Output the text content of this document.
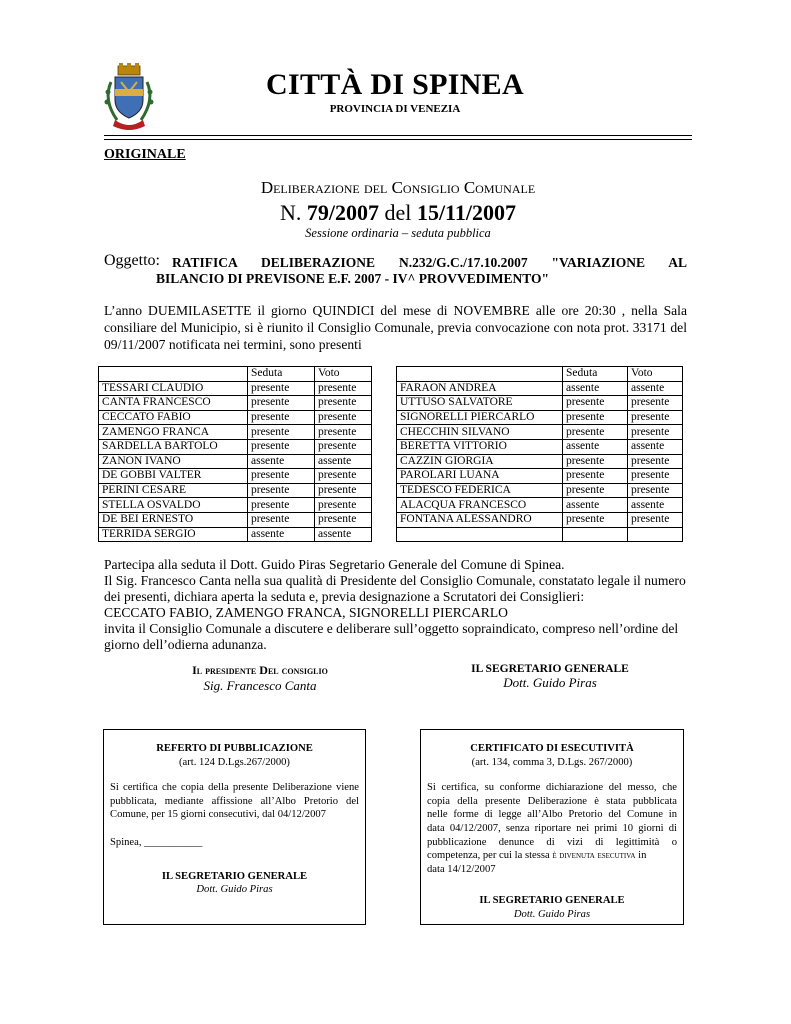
CITTÀ DI SPINEA
PROVINCIA DI VENEZIA
ORIGINALE
Deliberazione del Consiglio Comunale
N. 79/2007 del 15/11/2007
Sessione ordinaria – seduta pubblica
Oggetto: RATIFICA DELIBERAZIONE N.232/G.C./17.10.2007 "VARIAZIONE AL
BILANCIO DI PREVISONE E.F. 2007 - IV^ PROVVEDIMENTO"
L’anno DUEMILASETTE il giorno QUINDICI del mese di NOVEMBRE alle ore 20:30 , nella Sala
consiliare del Municipio, si è riunito il Consiglio Comunale, previa convocazione con nota prot. 33171 del
09/11/2007 notificata nei termini, sono presenti
	Seduta	Voto
TESSARI CLAUDIO	presente	presente
CANTA FRANCESCO	presente	presente
CECCATO FABIO	presente	presente
ZAMENGO FRANCA	presente	presente
SARDELLA BARTOLO	presente	presente
ZANON IVANO	assente	assente
DE GOBBI VALTER	presente	presente
PERINI CESARE	presente	presente
STELLA OSVALDO	presente	presente
DE BEI ERNESTO	presente	presente
TERRIDA SERGIO	assente	assente
	Seduta	Voto
FARAON ANDREA	assente	assente
UTTUSO SALVATORE	presente	presente
SIGNORELLI PIERCARLO	presente	presente
CHECCHIN SILVANO	presente	presente
BERETTA VITTORIO	assente	assente
CAZZIN GIORGIA	presente	presente
PAROLARI LUANA	presente	presente
TEDESCO FEDERICA	presente	presente
ALACQUA FRANCESCO	assente	assente
FONTANA ALESSANDRO	presente	presente

Partecipa alla seduta il Dott. Guido Piras Segretario Generale del Comune di Spinea.
Il Sig. Francesco Canta nella sua qualità di Presidente del Consiglio Comunale, constatato legale il numero
dei presenti, dichiara aperta la seduta e, previa designazione a Scrutatori dei Consiglieri:
CECCATO FABIO, ZAMENGO FRANCA, SIGNORELLI PIERCARLO
invita il Consiglio Comunale a discutere e deliberare sull’oggetto sopraindicato, compreso nell’ordine del
giorno dell’odierna adunanza.
Il presidente Del consiglio
Sig. Francesco Canta
IL SEGRETARIO GENERALE
Dott. Guido Piras
REFERTO DI PUBBLICAZIONE
(art. 124 D.Lgs.267/2000)
Si certifica che copia della presente Deliberazione viene
pubblicata, mediante affissione all’Albo Pretorio del
Comune, per 15 giorni consecutivi, dal 04/12/2007
Spinea, ___________
IL SEGRETARIO GENERALE
Dott. Guido Piras
CERTIFICATO DI ESECUTIVITÀ
(art. 134, comma 3, D.Lgs. 267/2000)
Si certifica, su conforme dichiarazione del messo, che
copia della presente Deliberazione è stata pubblicata
nelle forme di legge all’Albo Pretorio del Comune in
data 04/12/2007, senza riportare nei primi 10 giorni di
pubblicazione denunce di vizi di legittimità o
competenza, per cui la stessa è divenuta esecutiva in
data 14/12/2007
IL SEGRETARIO GENERALE
Dott. Guido Piras
